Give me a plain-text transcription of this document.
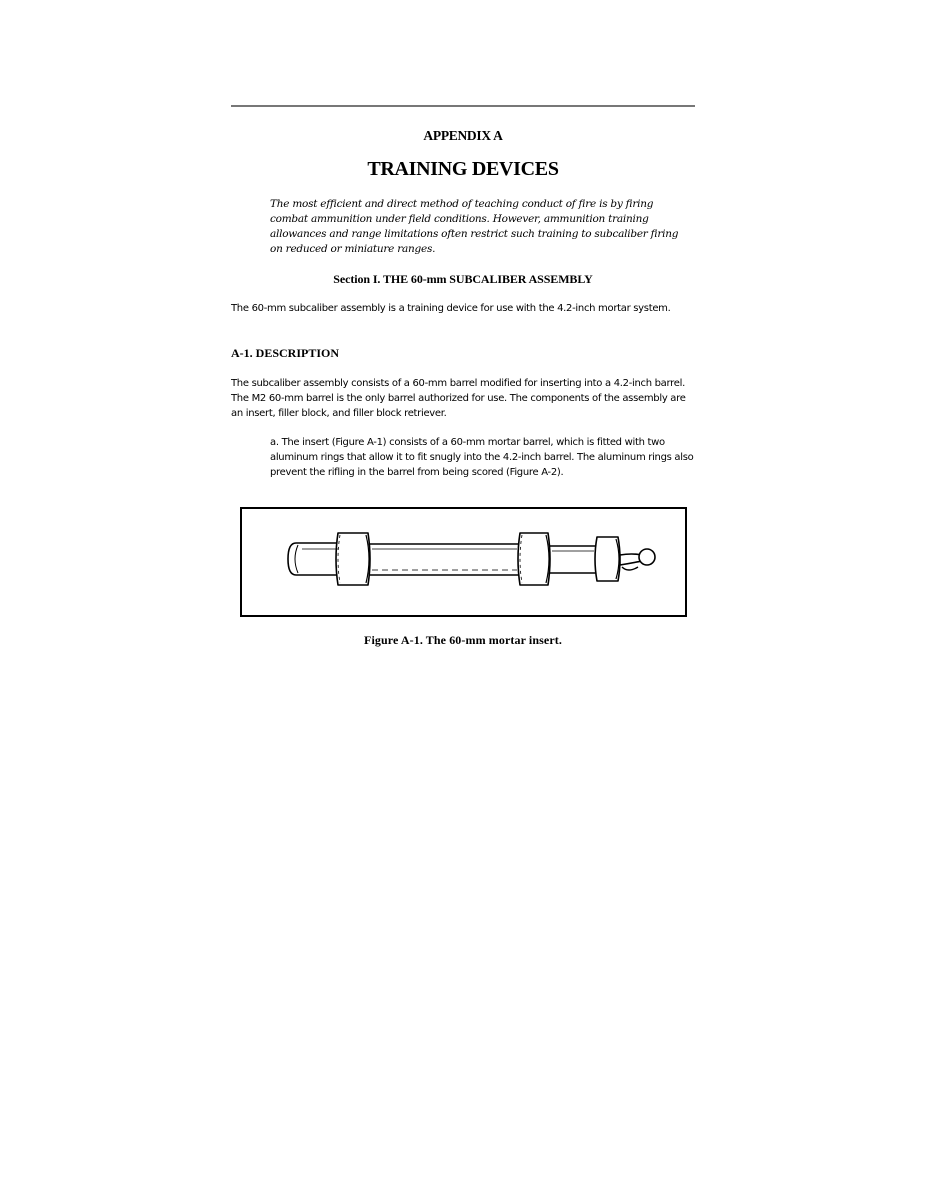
APPENDIX A
TRAINING DEVICES
The most efficient and direct method of teaching conduct of fire is by firing combat ammunition under field conditions. However, ammunition training allowances and range limitations often restrict such training to subcaliber firing on reduced or miniature ranges.
Section I. THE 60-mm SUBCALIBER ASSEMBLY
The 60-mm subcaliber assembly is a training device for use with the 4.2-inch mortar system.
A-1. DESCRIPTION
The subcaliber assembly consists of a 60-mm barrel modified for inserting into a 4.2-inch barrel. The M2 60-mm barrel is the only barrel authorized for use. The components of the assembly are an insert, filler block, and filler block retriever.
a. The insert (Figure A-1) consists of a 60-mm mortar barrel, which is fitted with two aluminum rings that allow it to fit snugly into the 4.2-inch barrel. The aluminum rings also prevent the rifling in the barrel from being scored (Figure A-2).
Figure A-1. The 60-mm mortar insert.
